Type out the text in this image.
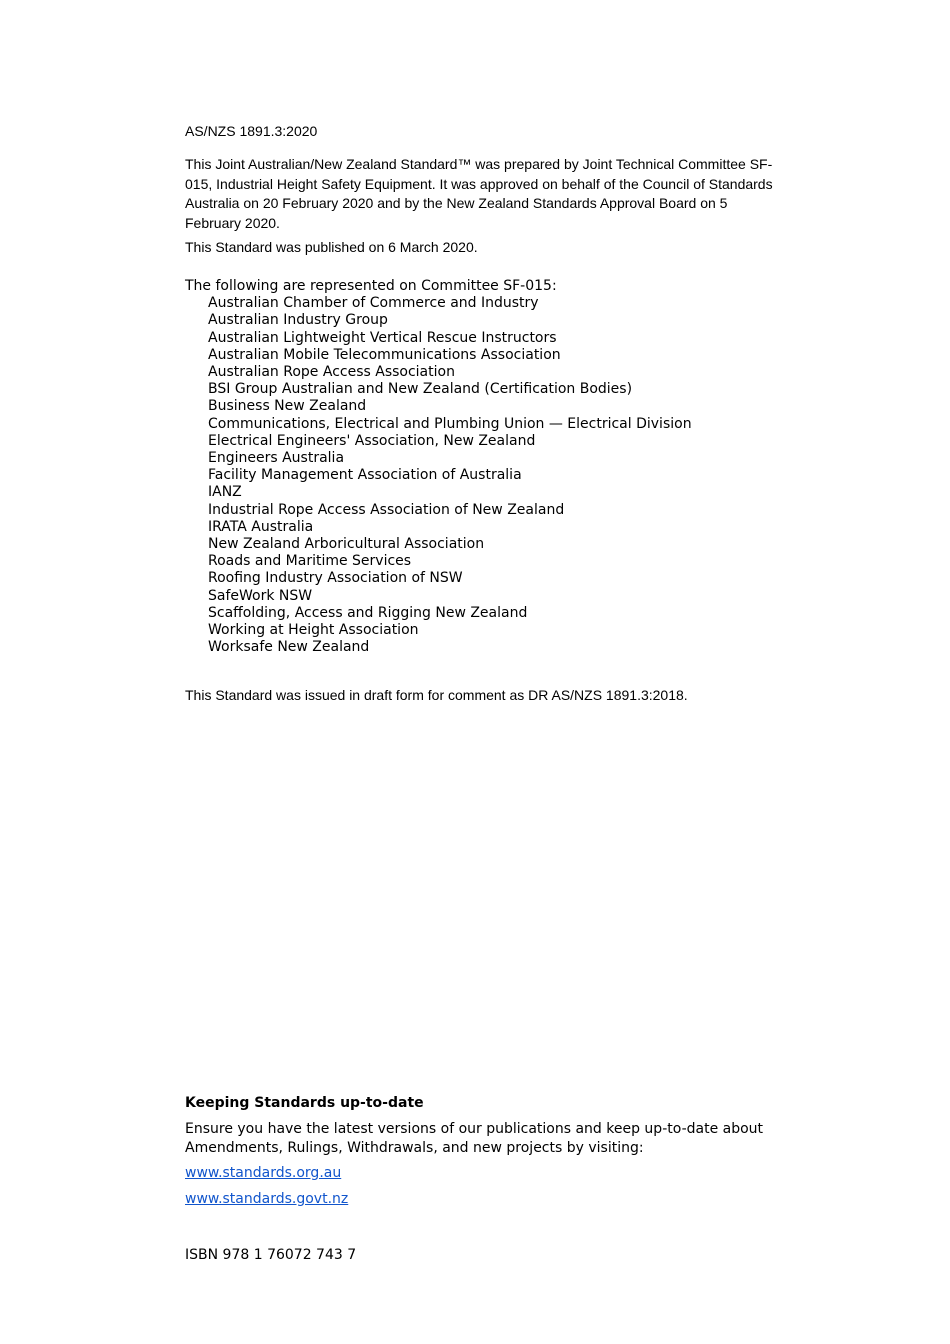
AS/NZS 1891.3:2020

This Joint Australian/New Zealand Standard™ was prepared by Joint Technical Committee SF-015, Industrial Height Safety Equipment. It was approved on behalf of the Council of Standards Australia on 20 February 2020 and by the New Zealand Standards Approval Board on 5 February 2020.

This Standard was published on 6 March 2020.

The following are represented on Committee SF-015:
Australian Chamber of Commerce and Industry
Australian Industry Group
Australian Lightweight Vertical Rescue Instructors
Australian Mobile Telecommunications Association
Australian Rope Access Association
BSI Group Australian and New Zealand (Certification Bodies)
Business New Zealand
Communications, Electrical and Plumbing Union — Electrical Division
Electrical Engineers' Association, New Zealand
Engineers Australia
Facility Management Association of Australia
IANZ
Industrial Rope Access Association of New Zealand
IRATA Australia
New Zealand Arboricultural Association
Roads and Maritime Services
Roofing Industry Association of NSW
SafeWork NSW
Scaffolding, Access and Rigging New Zealand
Working at Height Association
Worksafe New Zealand

This Standard was issued in draft form for comment as DR AS/NZS 1891.3:2018.

Keeping Standards up-to-date

Ensure you have the latest versions of our publications and keep up-to-date about Amendments, Rulings, Withdrawals, and new projects by visiting:

www.standards.org.au
www.standards.govt.nz
ISBN 978 1 76072 743 7
